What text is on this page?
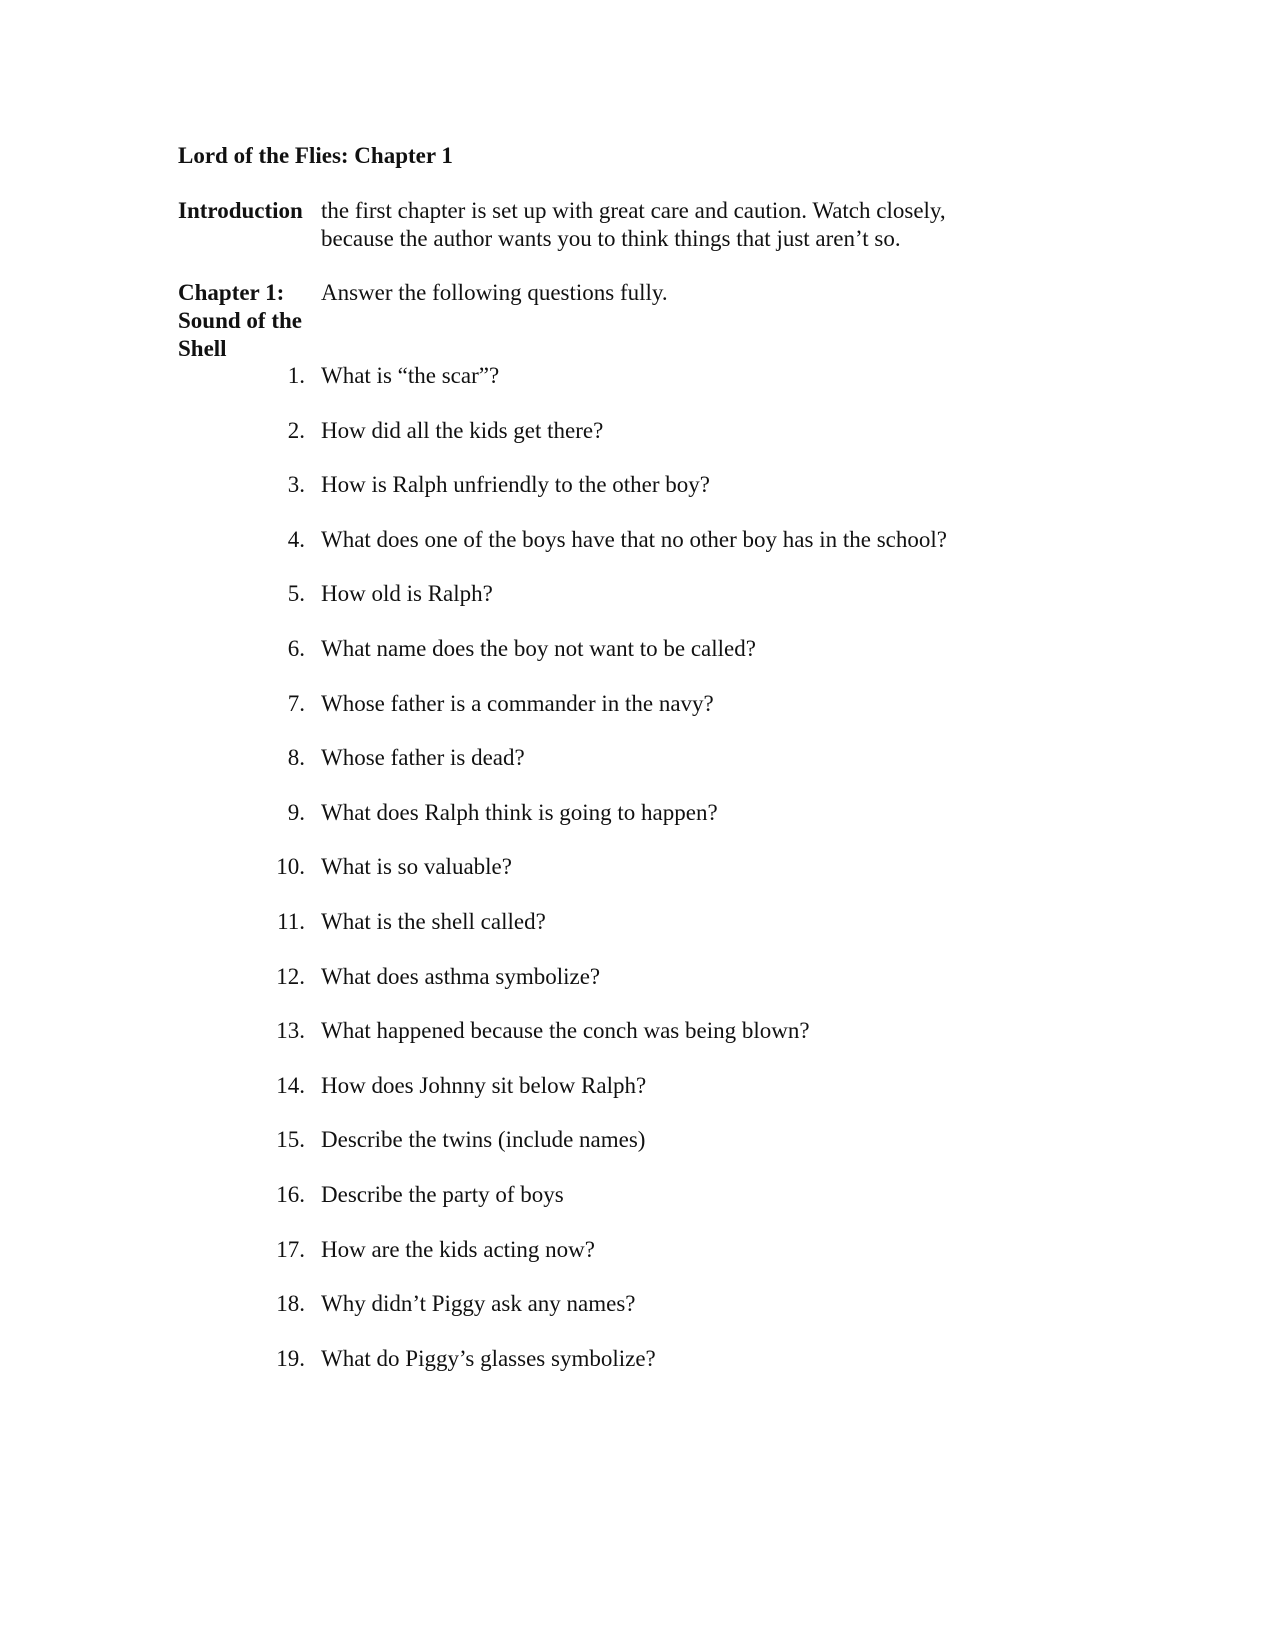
Lord of the Flies: Chapter 1
Introduction the first chapter is set up with great care and caution. Watch closely,
because the author wants you to think things that just aren’t so.
Chapter 1:
Sound of the
Shell
Answer the following questions fully.
1. What is “the scar”?
2. How did all the kids get there?
3. How is Ralph unfriendly to the other boy?
4. What does one of the boys have that no other boy has in the school?
5. How old is Ralph?
6. What name does the boy not want to be called?
7. Whose father is a commander in the navy?
8. Whose father is dead?
9. What does Ralph think is going to happen?
10. What is so valuable?
11. What is the shell called?
12. What does asthma symbolize?
13. What happened because the conch was being blown?
14. How does Johnny sit below Ralph?
15. Describe the twins (include names)
16. Describe the party of boys
17. How are the kids acting now?
18. Why didn’t Piggy ask any names?
19. What do Piggy’s glasses symbolize?
